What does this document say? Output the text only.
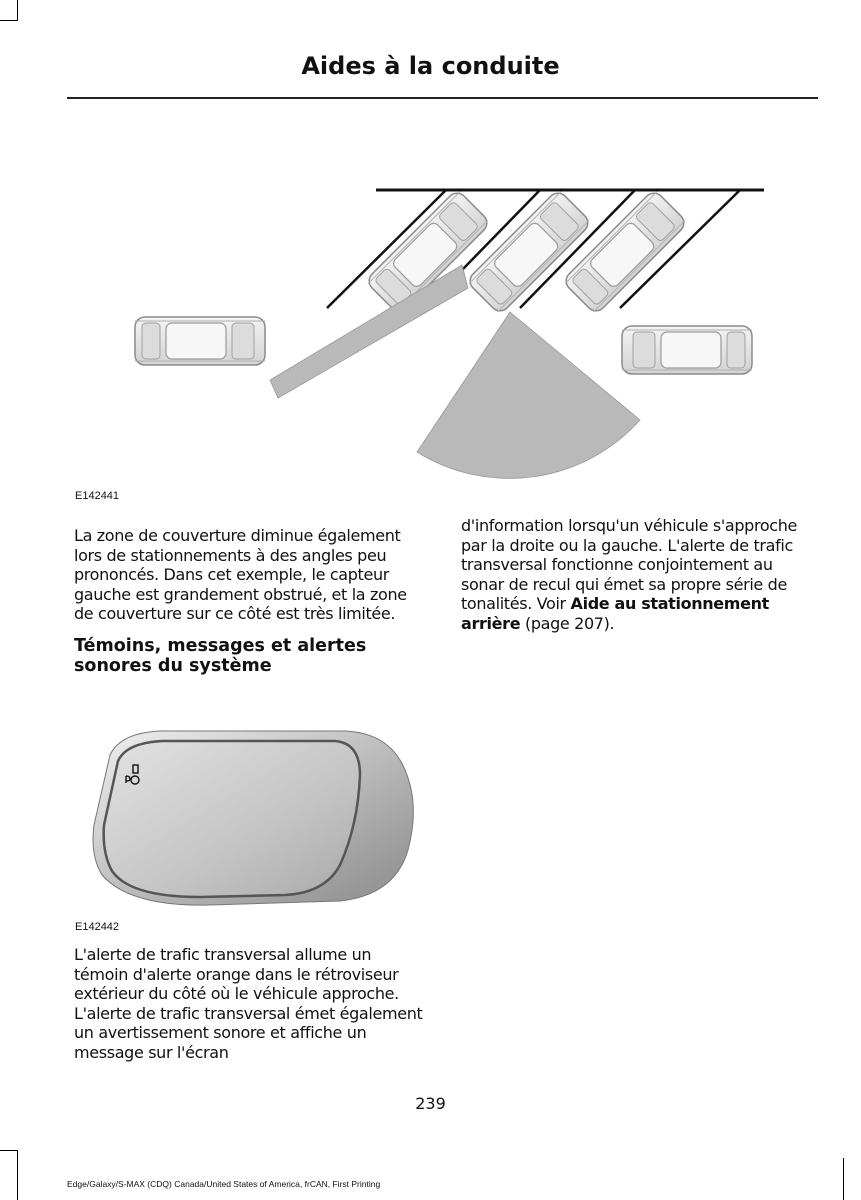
Aides à la conduite
E142441

La zone de couverture diminue également lors de stationnements à des angles peu prononcés. Dans cet exemple, le capteur gauche est grandement obstrué, et la zone de couverture sur ce côté est très limitée.

Témoins, messages et alertes sonores du système

E142442

L'alerte de trafic transversal allume un témoin d'alerte orange dans le rétroviseur extérieur du côté où le véhicule approche. L'alerte de trafic transversal émet également un avertissement sonore et affiche un message sur l'écran

d'information lorsqu'un véhicule s'approche par la droite ou la gauche. L'alerte de trafic transversal fonctionne conjointement au sonar de recul qui émet sa propre série de tonalités. Voir Aide au stationnement arrière (page 207).

239
Edge/Galaxy/S-MAX (CDQ) Canada/United States of America, frCAN, First Printing
